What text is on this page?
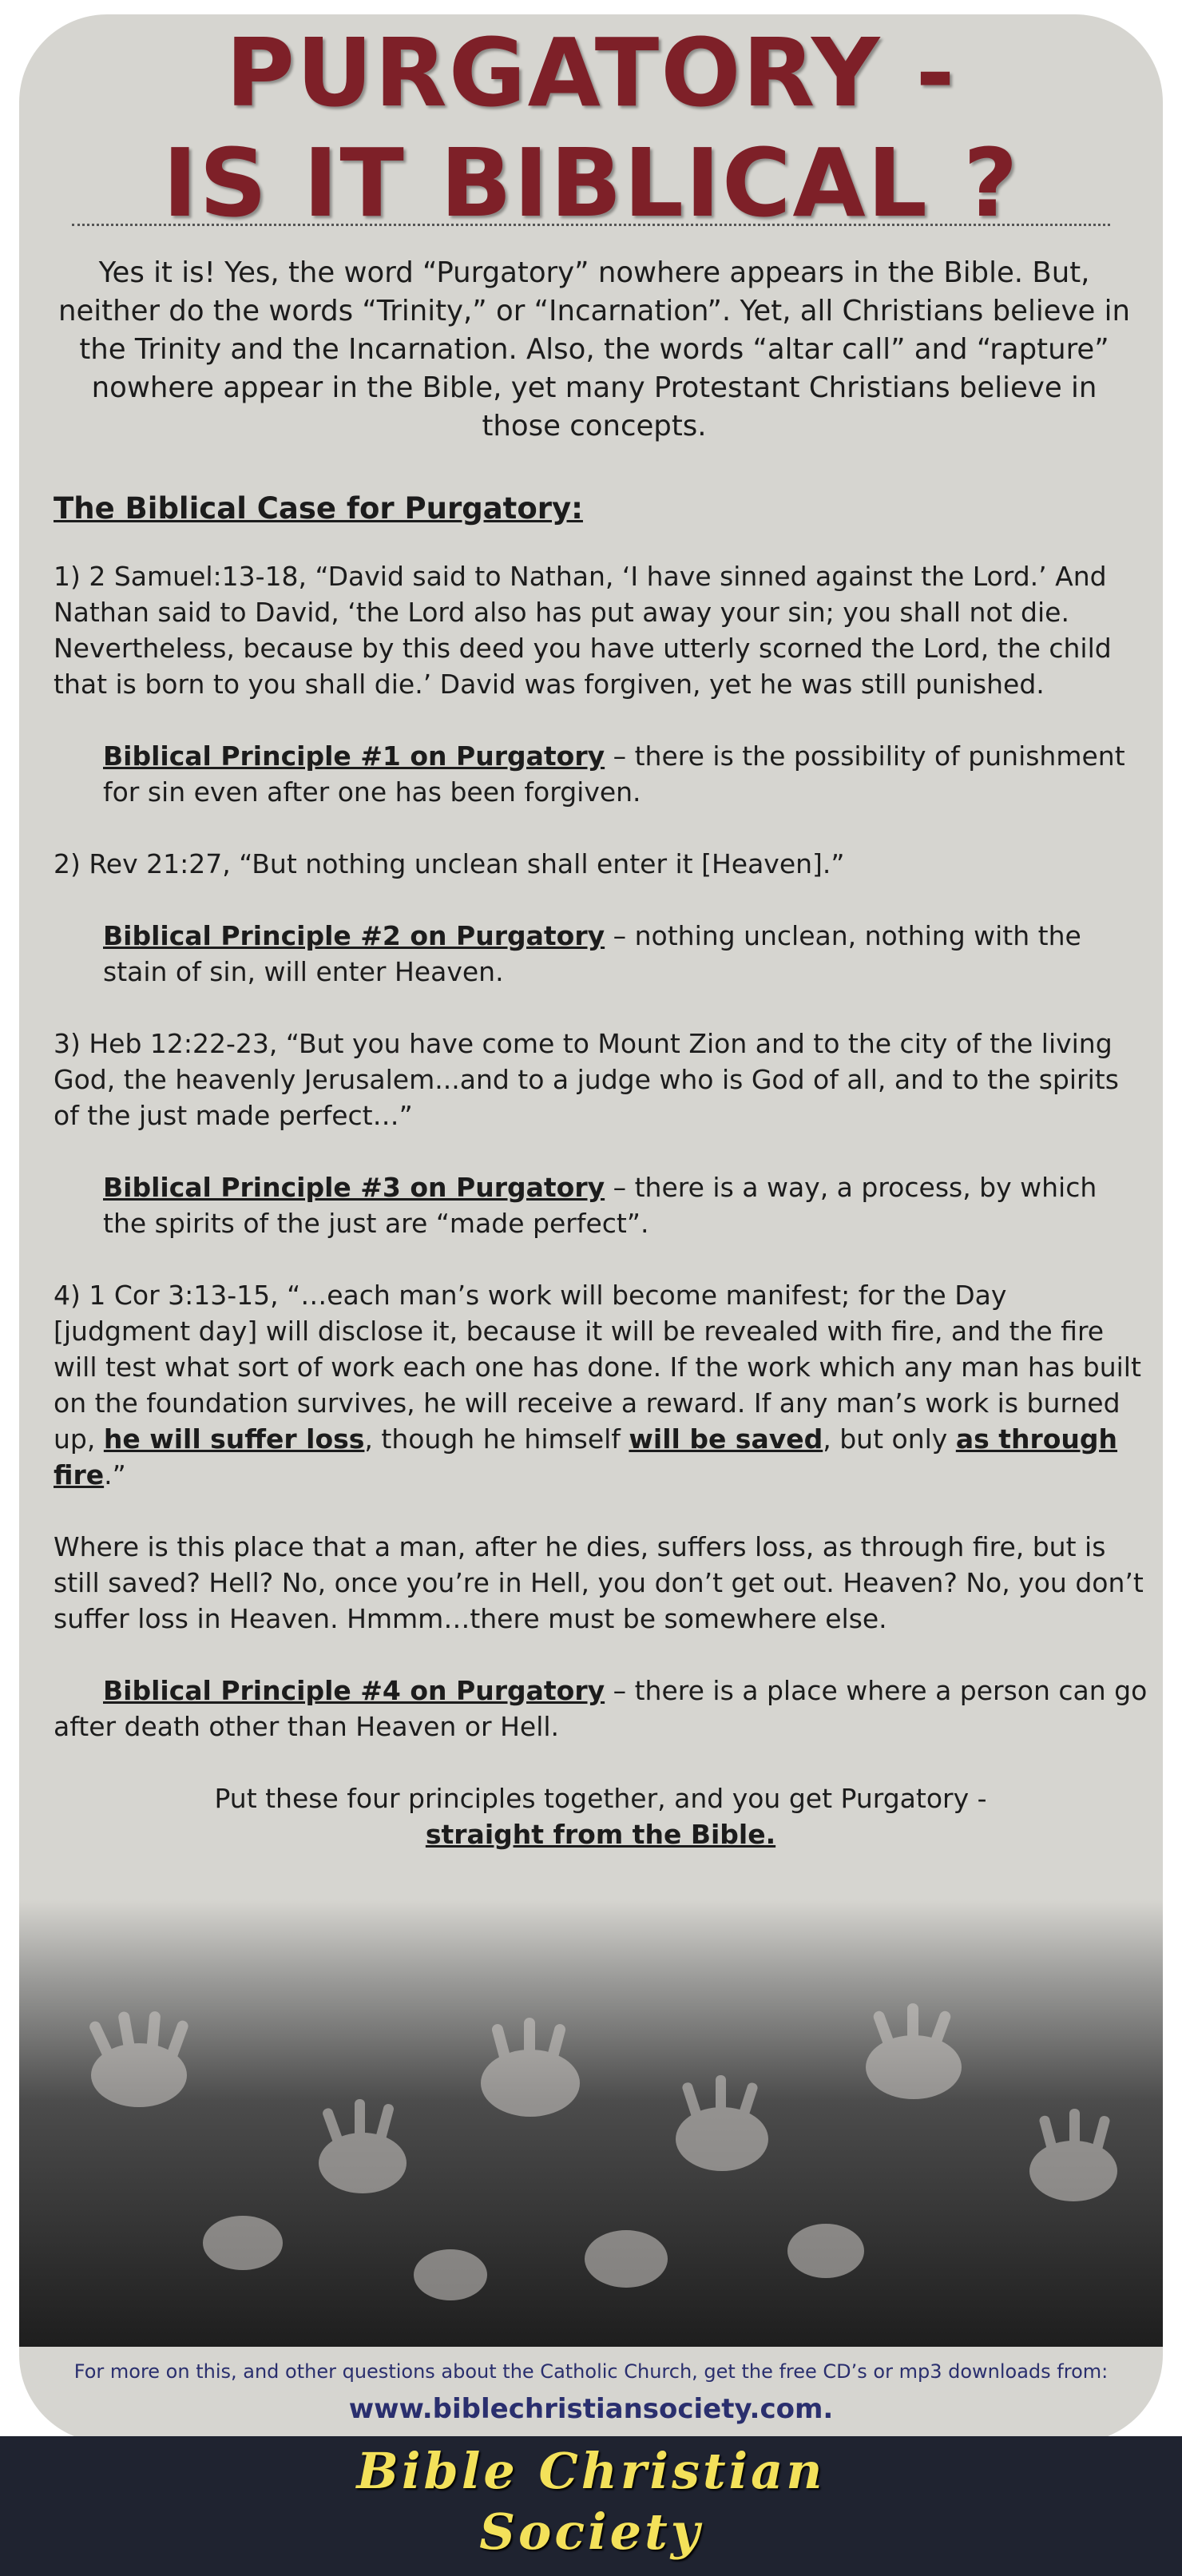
PURGATORY -
IS IT BIBLICAL ?
Yes it is! Yes, the word “Purgatory” nowhere appears in the Bible. But, neither do the words “Trinity,” or “Incarnation”. Yet, all Christians believe in the Trinity and the Incarnation. Also, the words “altar call” and “rapture” nowhere appear in the Bible, yet many Protestant Christians believe in those concepts.

The Biblical Case for Purgatory:

1) 2 Samuel:13-18, “David said to Nathan, ‘I have sinned against the Lord.’ And Nathan said to David, ‘the Lord also has put away your sin; you shall not die. Nevertheless, because by this deed you have utterly scorned the Lord, the child that is born to you shall die.’ David was forgiven, yet he was still punished.

Biblical Principle #1 on Purgatory – there is the possibility of punishment for sin even after one has been forgiven.

2) Rev 21:27, “But nothing unclean shall enter it [Heaven].”

Biblical Principle #2 on Purgatory – nothing unclean, nothing with the stain of sin, will enter Heaven.

3) Heb 12:22-23, “But you have come to Mount Zion and to the city of the living God, the heavenly Jerusalem...and to a judge who is God of all, and to the spirits of the just made perfect…”

Biblical Principle #3 on Purgatory – there is a way, a process, by which the spirits of the just are “made perfect”.

4) 1 Cor 3:13-15, “…each man’s work will become manifest; for the Day [judgment day] will disclose it, because it will be revealed with fire, and the fire will test what sort of work each one has done. If the work which any man has built on the foundation survives, he will receive a reward. If any man’s work is burned up, he will suffer loss, though he himself will be saved, but only as through fire.”

Where is this place that a man, after he dies, suffers loss, as through fire, but is still saved? Hell? No, once you’re in Hell, you don’t get out. Heaven? No, you don’t suffer loss in Heaven. Hmmm…there must be somewhere else.

Biblical Principle #4 on Purgatory – there is a place where a person can go after death other than Heaven or Hell.

Put these four principles together, and you get Purgatory -
straight from the Bible.

For more on this, and other questions about the Catholic Church, get the free CD’s or mp3 downloads from:
www.biblechristiansociety.com.
Bible Christian
Society
